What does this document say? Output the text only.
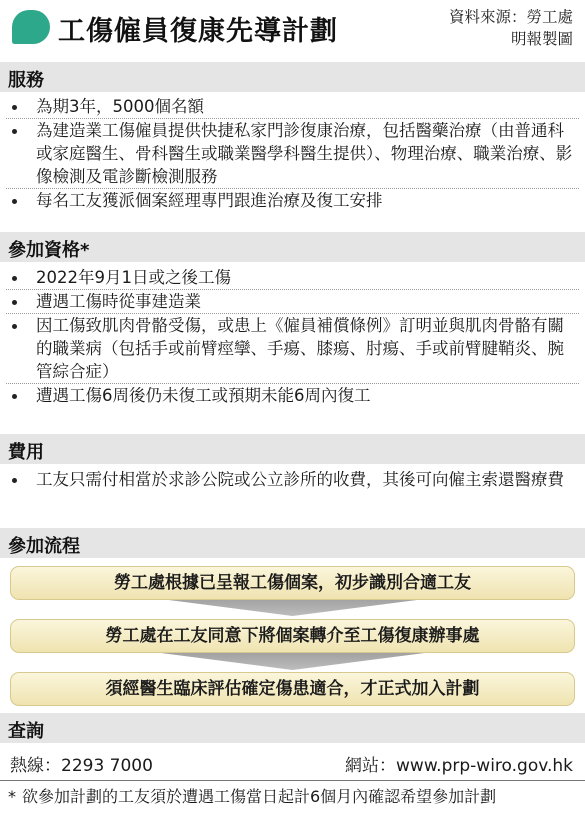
工傷僱員復康先導計劃	資料來源：勞工處
明報製圖
服務
為期3年，5000個名額
為建造業工傷僱員提供快捷私家門診復康治療，包括醫藥治療（由普通科或家庭醫生、骨科醫生或職業醫學科醫生提供）、物理治療、職業治療、影像檢測及電診斷檢測服務
每名工友獲派個案經理專門跟進治療及復工安排
參加資格*
2022年9月1日或之後工傷
遭遇工傷時從事建造業
因工傷致肌肉骨骼受傷，或患上《僱員補償條例》訂明並與肌肉骨骼有關的職業病（包括手或前臂痙攣、手瘍、膝瘍、肘瘍、手或前臂腱鞘炎、腕管綜合症）
遭遇工傷6周後仍未復工或預期未能6周內復工
費用
工友只需付相當於求診公院或公立診所的收費，其後可向僱主索還醫療費
參加流程
勞工處根據已呈報工傷個案，初步識別合適工友
勞工處在工友同意下將個案轉介至工傷復康辦事處
須經醫生臨床評估確定傷患適合，才正式加入計劃
查詢
熱線：2293 7000	網站：www.prp-wiro.gov.hk
* 欲參加計劃的工友須於遭遇工傷當日起計6個月內確認希望參加計劃
